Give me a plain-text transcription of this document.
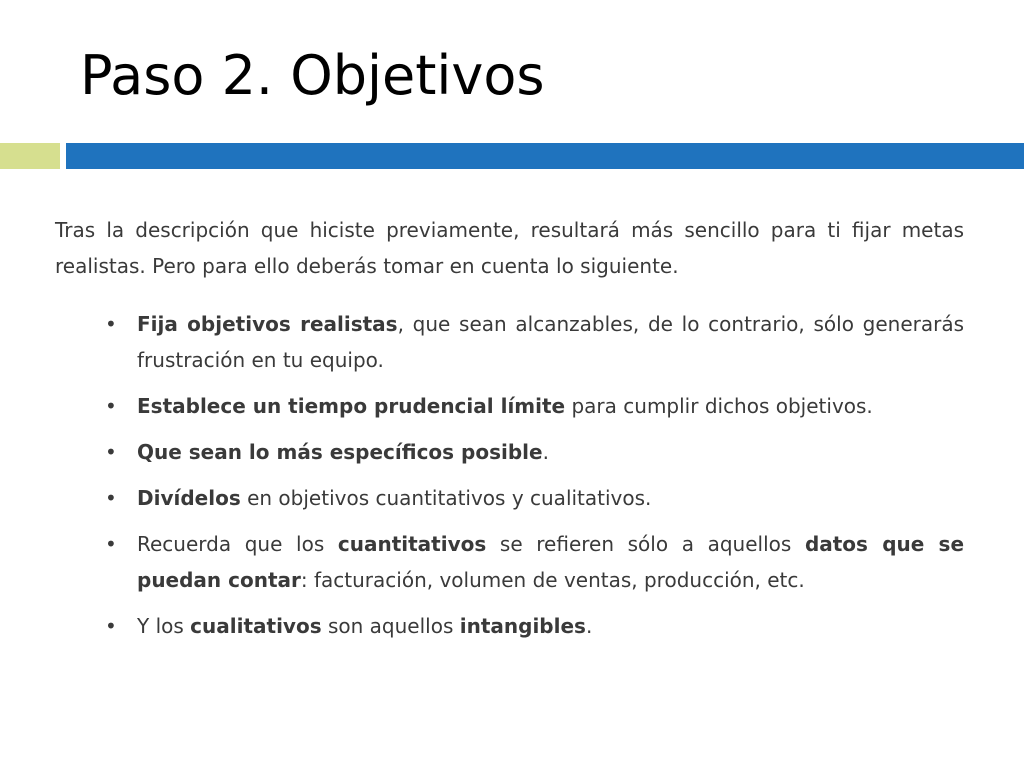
Paso 2. Objetivos

Tras la descripción que hiciste previamente, resultará más sencillo para ti fijar metas realistas. Pero para ello deberás tomar en cuenta lo siguiente.

• Fija objetivos realistas, que sean alcanzables, de lo contrario, sólo generarás frustración en tu equipo.
• Establece un tiempo prudencial límite para cumplir dichos objetivos.
• Que sean lo más específicos posible.
• Divídelos en objetivos cuantitativos y cualitativos.
• Recuerda que los cuantitativos se refieren sólo a aquellos datos que se puedan contar: facturación, volumen de ventas, producción, etc.
• Y los cualitativos son aquellos intangibles.
